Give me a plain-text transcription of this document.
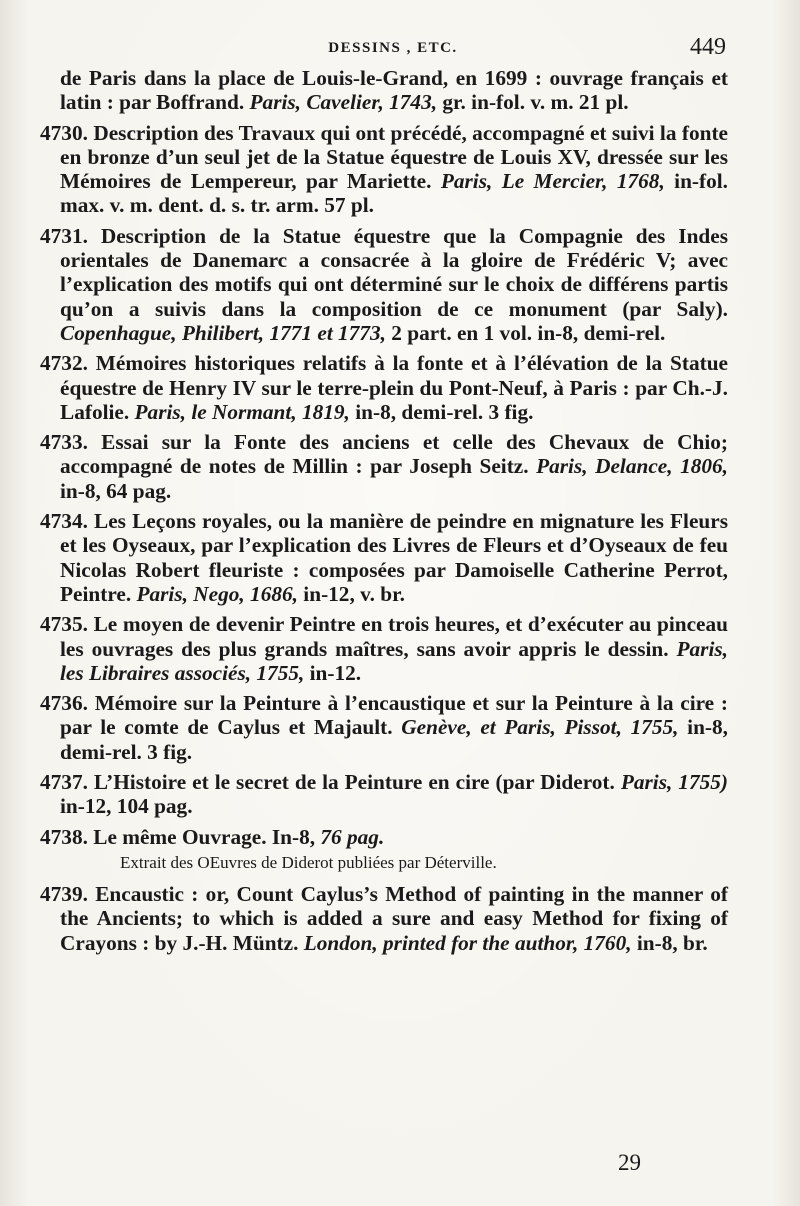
DESSINS , ETC.	449

de Paris dans la place de Louis-le-Grand, en 1699 : ouvrage français et latin : par Boffrand. Paris, Cavelier, 1743, gr. in-fol. v. m. 21 pl.

4730. Description des Travaux qui ont précédé, accompagné et suivi la fonte en bronze d’un seul jet de la Statue équestre de Louis XV, dressée sur les Mémoires de Lempereur, par Mariette. Paris, Le Mercier, 1768, in-fol. max. v. m. dent. d. s. tr. arm. 57 pl.

4731. Description de la Statue équestre que la Compagnie des Indes orientales de Danemarc a consacrée à la gloire de Frédéric V; avec l’explication des motifs qui ont déterminé sur le choix de différens partis qu’on a suivis dans la composition de ce monument (par Saly). Copenhague, Philibert, 1771 et 1773, 2 part. en 1 vol. in-8, demi-rel.

4732. Mémoires historiques relatifs à la fonte et à l’élévation de la Statue équestre de Henry IV sur le terre-plein du Pont-Neuf, à Paris : par Ch.-J. Lafolie. Paris, le Normant, 1819, in-8, demi-rel. 3 fig.

4733. Essai sur la Fonte des anciens et celle des Chevaux de Chio; accompagné de notes de Millin : par Joseph Seitz. Paris, Delance, 1806, in-8, 64 pag.

4734. Les Leçons royales, ou la manière de peindre en mignature les Fleurs et les Oyseaux, par l’explication des Livres de Fleurs et d’Oyseaux de feu Nicolas Robert fleuriste : composées par Damoiselle Catherine Perrot, Peintre. Paris, Nego, 1686, in-12, v. br.

4735. Le moyen de devenir Peintre en trois heures, et d’exécuter au pinceau les ouvrages des plus grands maîtres, sans avoir appris le dessin. Paris, les Libraires associés, 1755, in-12.

4736. Mémoire sur la Peinture à l’encaustique et sur la Peinture à la cire : par le comte de Caylus et Majault. Genève, et Paris, Pissot, 1755, in-8, demi-rel. 3 fig.

4737. L’Histoire et le secret de la Peinture en cire (par Diderot. Paris, 1755) in-12, 104 pag.

4738. Le même Ouvrage. In-8, 76 pag.

Extrait des OEuvres de Diderot publiées par Déterville.

4739. Encaustic : or, Count Caylus’s Method of painting in the manner of the Ancients; to which is added a sure and easy Method for fixing of Crayons : by J.-H. Müntz. London, printed for the author, 1760, in-8, br.

29
